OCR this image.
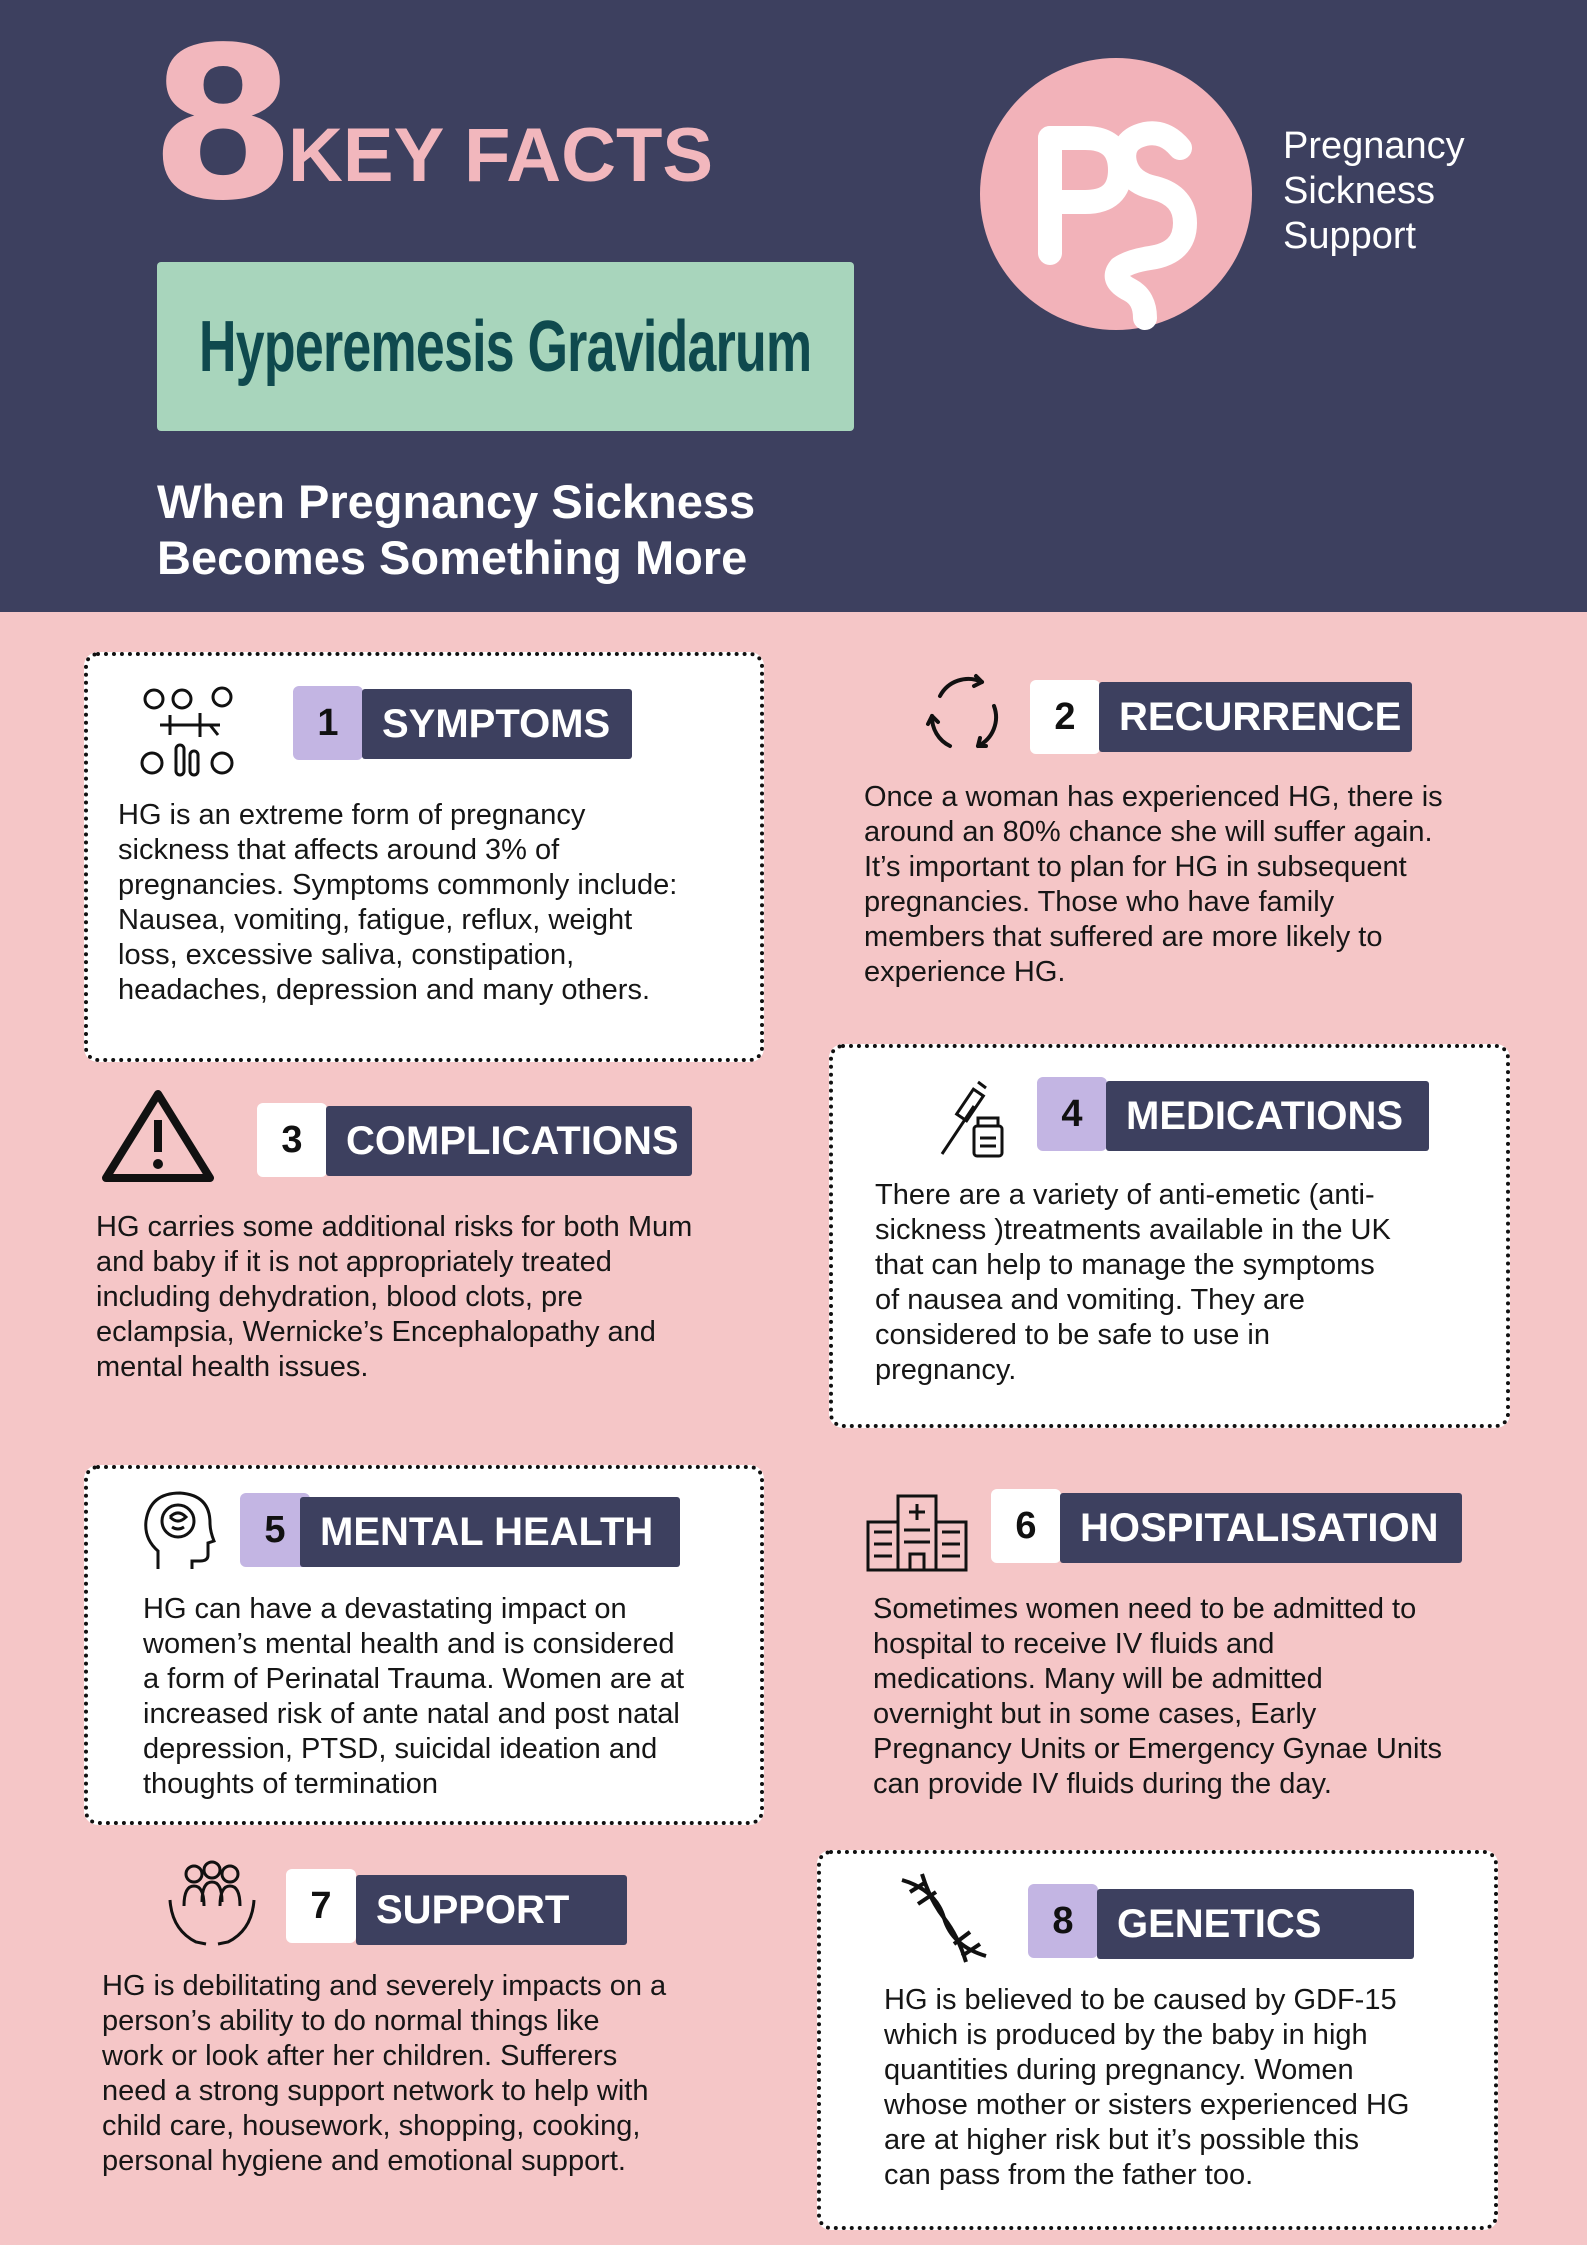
8
KEY FACTS
Hyperemesis Gravidarum
When Pregnancy Sickness
Becomes Something More
PS
Pregnancy
Sickness
Support
1	SYMPTOMS
HG is an extreme form of pregnancy
sickness that affects around 3% of
pregnancies. Symptoms commonly include:
Nausea, vomiting, fatigue, reflux, weight
loss, excessive saliva, constipation,
headaches, depression and many others.
2	RECURRENCE
Once a woman has experienced HG, there is
around an 80% chance she will suffer again.
It’s important to plan for HG in subsequent
pregnancies. Those who have family
members that suffered are more likely to
experience HG.
3	COMPLICATIONS
HG carries some additional risks for both Mum
and baby if it is not appropriately treated
including dehydration, blood clots, pre
eclampsia, Wernicke’s Encephalopathy and
mental health issues.
4	MEDICATIONS
There are a variety of anti-emetic (anti-
sickness )treatments available in the UK
that can help to manage the symptoms
of nausea and vomiting. They are
considered to be safe to use in
pregnancy.
5 MENTAL HEALTH
HG can have a devastating impact on
women’s mental health and is considered
a form of Perinatal Trauma. Women are at
increased risk of ante natal and post natal
depression, PTSD, suicidal ideation and
thoughts of termination
6	HOSPITALISATION
Sometimes women need to be admitted to
hospital to receive IV fluids and
medications. Many will be admitted
overnight but in some cases, Early
Pregnancy Units or Emergency Gynae Units
can provide IV fluids during the day.
7	SUPPORT
HG is debilitating and severely impacts on a
person’s ability to do normal things like
work or look after her children. Sufferers
need a strong support network to help with
child care, housework, shopping, cooking,
personal hygiene and emotional support.
8	GENETICS
HG is believed to be caused by GDF-15
which is produced by the baby in high
quantities during pregnancy. Women
whose mother or sisters experienced HG
are at higher risk but it’s possible this
can pass from the father too.
